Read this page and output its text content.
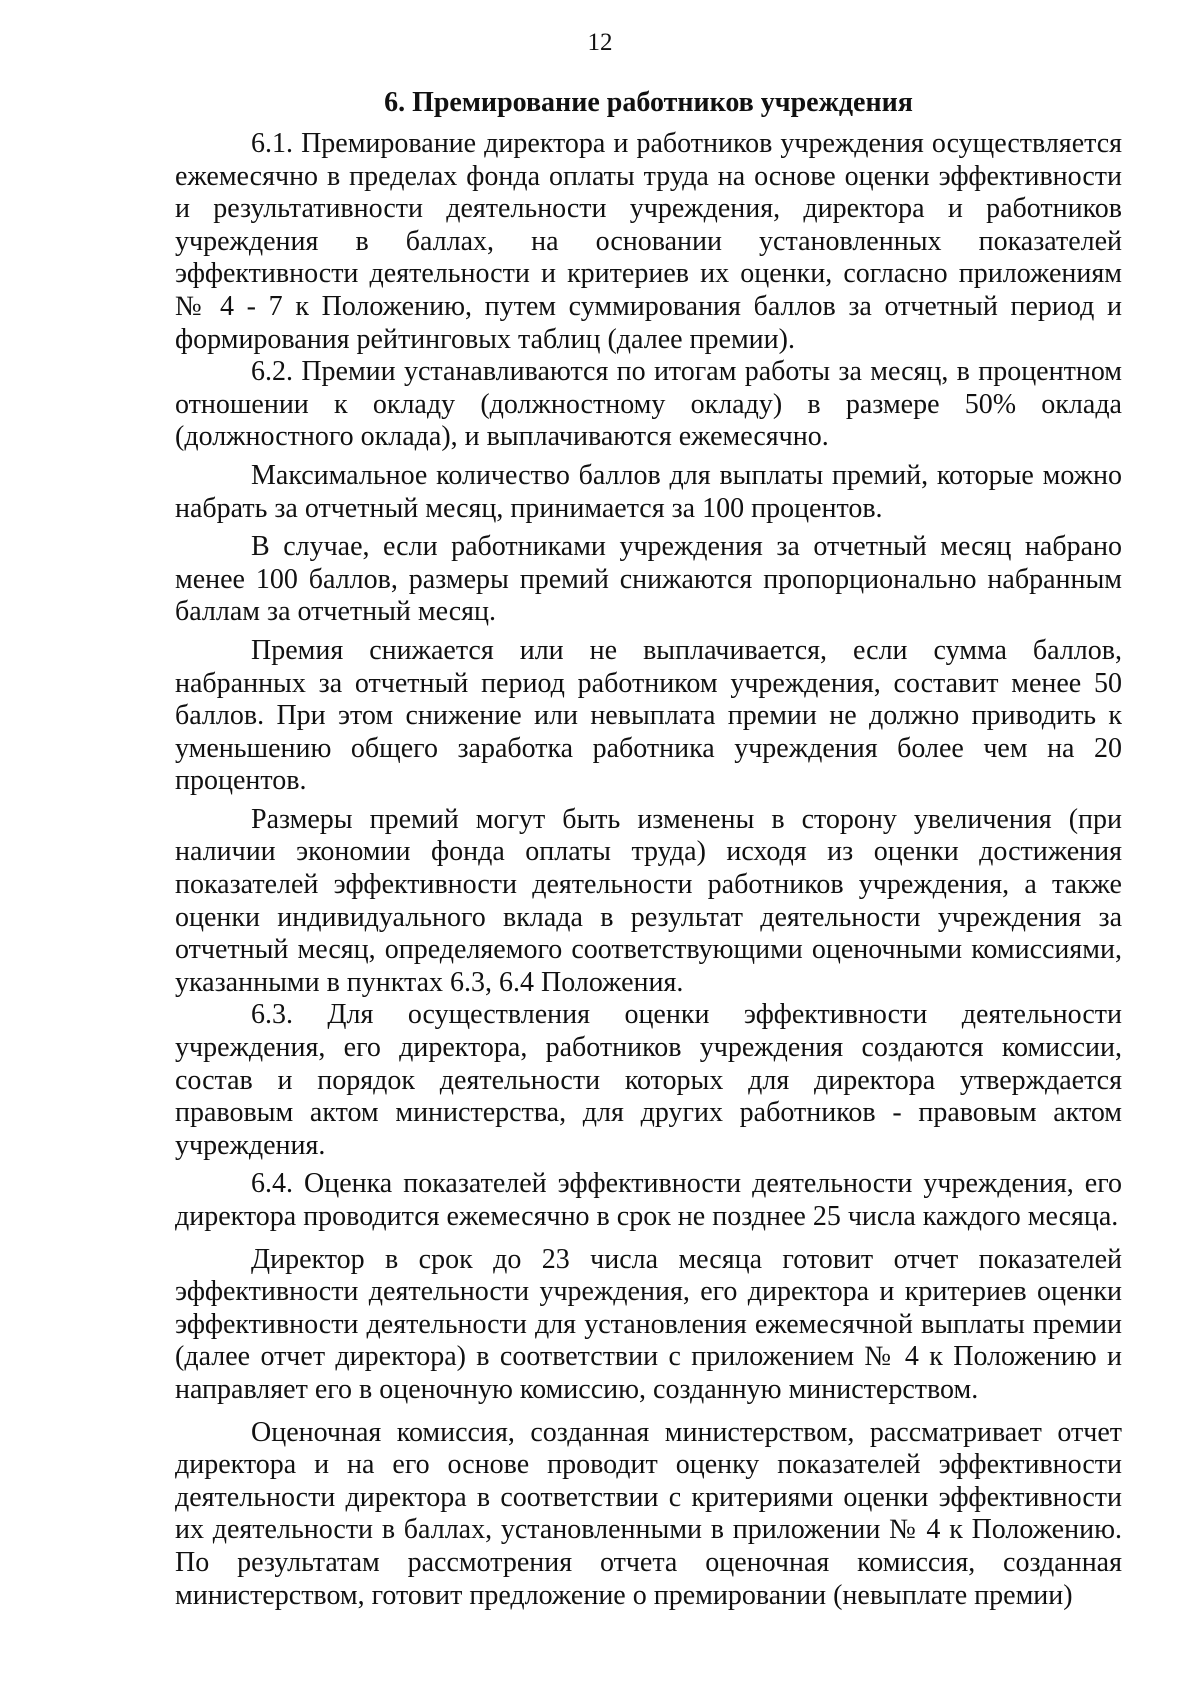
12
6. Премирование работников учреждения

6.1. Премирование директора и работников учреждения осуществляется ежемесячно в пределах фонда оплаты труда на основе оценки эффективности и результативности деятельности учреждения, директора и работников учреждения в баллах, на основании установленных показателей эффективности деятельности и критериев их оценки, согласно приложениям № 4 - 7 к Положению, путем суммирования баллов за отчетный период и формирования рейтинговых таблиц (далее премии).

6.2. Премии устанавливаются по итогам работы за месяц, в процентном отношении к окладу (должностному окладу) в размере 50% оклада (должностного оклада), и выплачиваются ежемесячно.

Максимальное количество баллов для выплаты премий, которые можно набрать за отчетный месяц, принимается за 100 процентов.

В случае, если работниками учреждения за отчетный месяц набрано менее 100 баллов, размеры премий снижаются пропорционально набранным баллам за отчетный месяц.

Премия снижается или не выплачивается, если сумма баллов, набранных за отчетный период работником учреждения, составит менее 50 баллов. При этом снижение или невыплата премии не должно приводить к уменьшению общего заработка работника учреждения более чем на 20 процентов.

Размеры премий могут быть изменены в сторону увеличения (при наличии экономии фонда оплаты труда) исходя из оценки достижения показателей эффективности деятельности работников учреждения, а также оценки индивидуального вклада в результат деятельности учреждения за отчетный месяц, определяемого соответствующими оценочными комиссиями, указанными в пунктах 6.3, 6.4 Положения.

6.3. Для осуществления оценки эффективности деятельности учреждения, его директора, работников учреждения создаются комиссии, состав и порядок деятельности которых для директора утверждается правовым актом министерства, для других работников - правовым актом учреждения.

6.4. Оценка показателей эффективности деятельности учреждения, его директора проводится ежемесячно в срок не позднее 25 числа каждого месяца.

Директор в срок до 23 числа месяца готовит отчет показателей эффективности деятельности учреждения, его директора и критериев оценки эффективности деятельности для установления ежемесячной выплаты премии (далее отчет директора) в соответствии с приложением № 4 к Положению и направляет его в оценочную комиссию, созданную министерством.

Оценочная комиссия, созданная министерством, рассматривает отчет директора и на его основе проводит оценку показателей эффективности деятельности директора в соответствии с критериями оценки эффективности их деятельности в баллах, установленными в приложении № 4 к Положению. По результатам рассмотрения отчета оценочная комиссия, созданная министерством, готовит предложение о премировании (невыплате премии)
